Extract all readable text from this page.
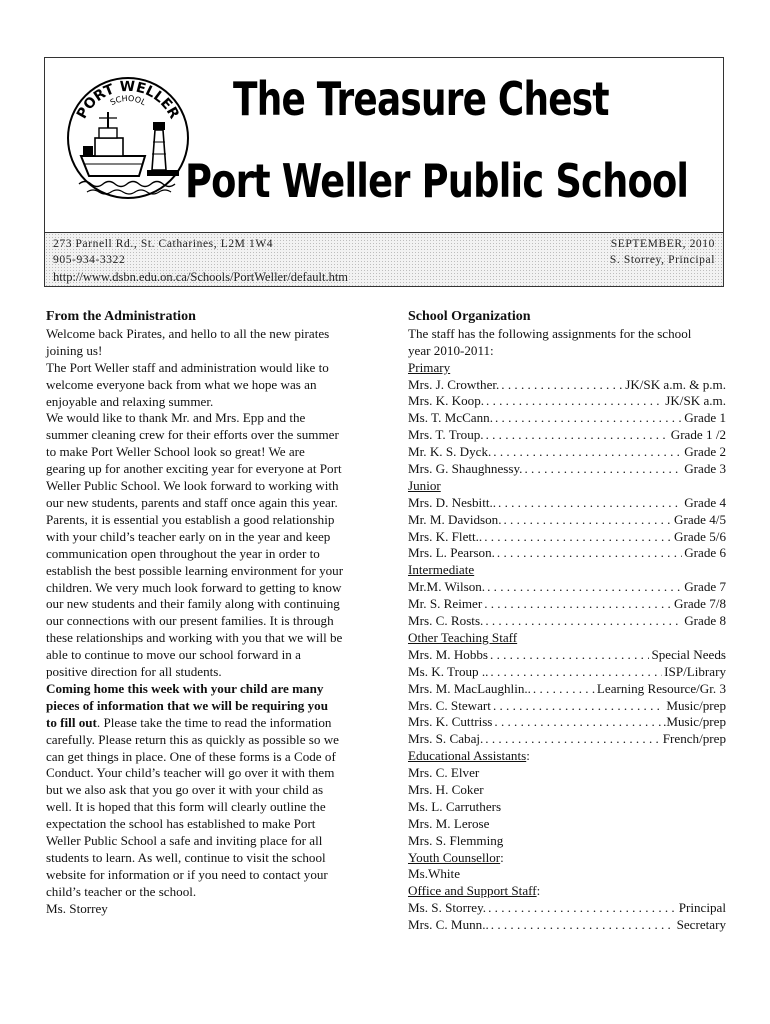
PORT WELLER
SCHOOL The Treasure Chest
Port Weller Public School
273 Parnell Rd., St. Catharines, L2M 1W4
905-934-3322
http://www.dsbn.edu.on.ca/Schools/PortWeller/default.htm
SEPTEMBER, 2010
S. Storrey, Principal
From the Administration
Welcome back Pirates, and hello to all the new pirates
joining us!
The Port Weller staff and administration would like to
welcome everyone back from what we hope was an
enjoyable and relaxing summer.
We would like to thank Mr. and Mrs. Epp and the
summer cleaning crew for their efforts over the summer
to make Port Weller School look so great! We are
gearing up for another exciting year for everyone at Port
Weller Public School. We look forward to working with
our new students, parents and staff once again this year.
Parents, it is essential you establish a good relationship
with your child’s teacher early on in the year and keep
communication open throughout the year in order to
establish the best possible learning environment for your
children. We very much look forward to getting to know
our new students and their family along with continuing
our connections with our present families. It is through
these relationships and working with you that we will be
able to continue to move our school forward in a
positive direction for all students.
Coming home this week with your child are many
pieces of information that we will be requiring you
to fill out. Please take the time to read the information
carefully. Please return this as quickly as possible so we
can get things in place. One of these forms is a Code of
Conduct. Your child’s teacher will go over it with them
but we also ask that you go over it with your child as
well. It is hoped that this form will clearly outline the
expectation the school has established to make Port
Weller Public School a safe and inviting place for all
students to learn. As well, continue to visit the school
website for information or if you need to contact your
child’s teacher or the school.
Ms. Storrey
School Organization
The staff has the following assignments for the school
year 2010-2011:
Primary
Mrs. J. Crowther. . . .	JK/SK a.m. & p.m.
Mrs. K. Koop. . . .	JK/SK a.m.
Ms. T. McCann. . . .	Grade 1
Mrs. T. Troup. . . .	Grade 1 /2
Mr. K. S. Dyck. . . .	Grade 2
Mrs. G. Shaughnessy. . . .	Grade 3
Junior
Mrs. D. Nesbitt.. . . .	Grade 4
Mr. M. Davidson. . . .	Grade 4/5
Mrs. K. Flett.. . . .	Grade 5/6
Mrs. L. Pearson. . . .	Grade 6
Intermediate
Mr.M. Wilson. . . .	Grade 7
Mr. S. Reimer . . .	Grade 7/8
Mrs. C. Rosts. . . .	Grade 8
Other Teaching Staff
Mrs. M. Hobbs . . .	Special Needs
Ms. K. Troup .. . . .	ISP/Library
Mrs. M. MacLaughlin.. . . .	Learning Resource/Gr. 3
Mrs. C. Stewart . . .	Music/prep
Mrs. K. Cuttriss . . .	.Music/prep
Mrs. S. Cabaj. . . .	French/prep
Educational Assistants:
Mrs. C. Elver
Mrs. H. Coker
Ms. L. Carruthers
Mrs. M. Lerose
Mrs. S. Flemming
Youth Counsellor:
Ms.White
Office and Support Staff:
Ms. S. Storrey. . . .	Principal
Mrs. C. Munn.. . . .	Secretary
